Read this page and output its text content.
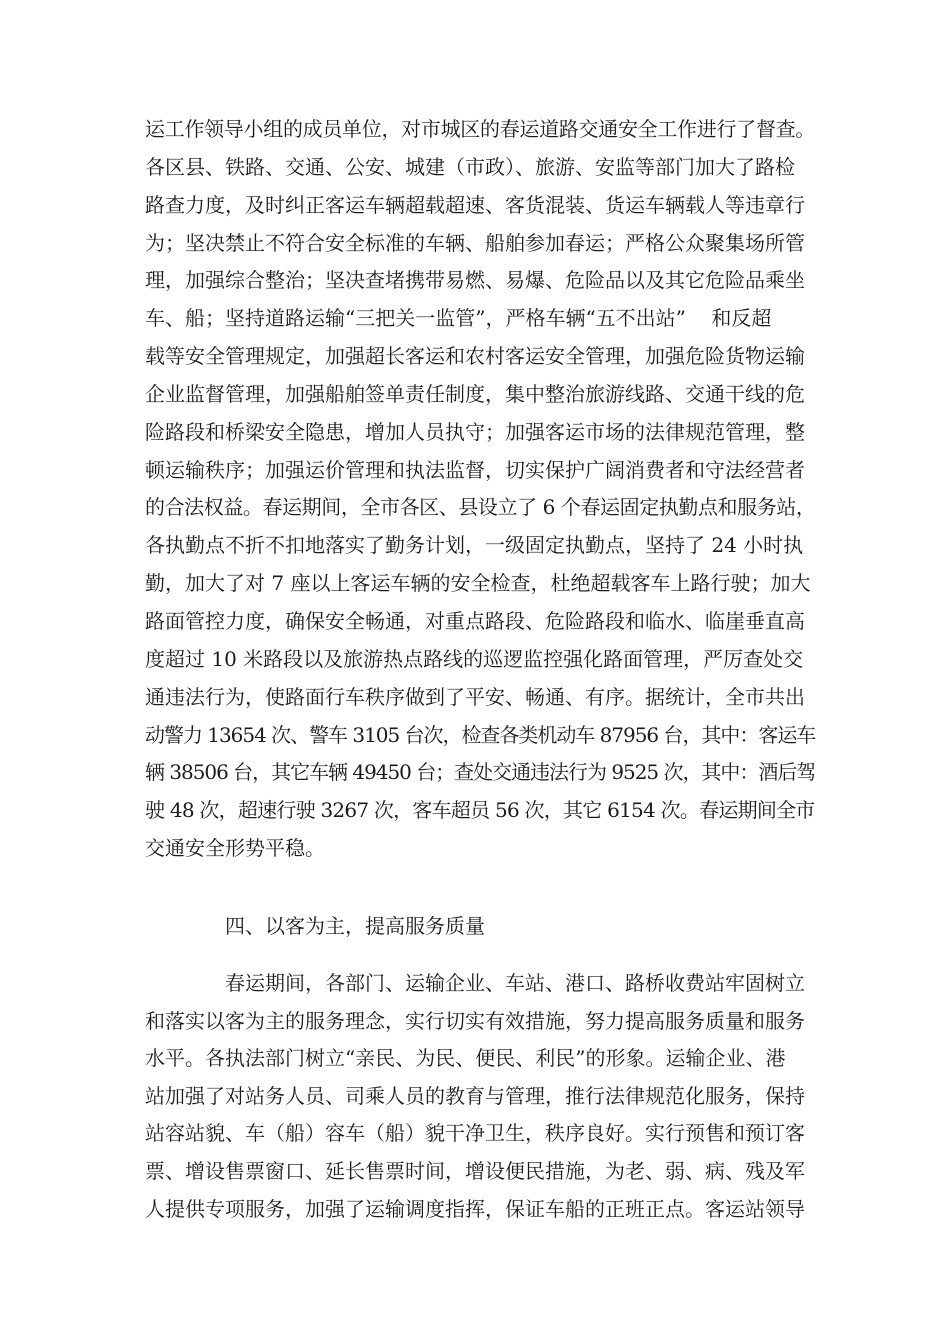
运工作领导小组的成员单位，对市城区的春运道路交通安全工作进行了督查。
各区县、铁路、交通、公安、城建（市政）、旅游、安监等部门加大了路检
路查力度，及时纠正客运车辆超载超速、客货混装、货运车辆载人等违章行
为；坚决禁止不符合安全标准的车辆、船舶参加春运；严格公众聚集场所管
理，加强综合整治；坚决查堵携带易燃、易爆、危险品以及其它危险品乘坐
车、船；坚持道路运输“三把关一监管”，严格车辆“五不出站”    和反超
载等安全管理规定，加强超长客运和农村客运安全管理，加强危险货物运输
企业监督管理，加强船舶签单责任制度，集中整治旅游线路、交通干线的危
险路段和桥梁安全隐患，增加人员执守；加强客运市场的法律规范管理，整
顿运输秩序；加强运价管理和执法监督，切实保护广阔消费者和守法经营者
的合法权益。春运期间，全市各区、县设立了 6 个春运固定执勤点和服务站，
各执勤点不折不扣地落实了勤务计划，一级固定执勤点，坚持了 24 小时执
勤，加大了对 7 座以上客运车辆的安全检查，杜绝超载客车上路行驶；加大
路面管控力度，确保安全畅通，对重点路段、危险路段和临水、临崖垂直高
度超过 10 米路段以及旅游热点路线的巡逻监控强化路面管理，严厉查处交
通违法行为，使路面行车秩序做到了平安、畅通、有序。据统计，全市共出
动警力 13654 次、警车 3105 台次，检查各类机动车 87956 台，其中：客运车
辆 38506 台，其它车辆 49450 台；查处交通违法行为 9525 次，其中：酒后驾
驶 48 次，超速行驶 3267 次，客车超员 56 次，其它 6154 次。春运期间全市
交通安全形势平稳。
四、以客为主，提高服务质量
春运期间，各部门、运输企业、车站、港口、路桥收费站牢固树立
和落实以客为主的服务理念，实行切实有效措施，努力提高服务质量和服务
水平。各执法部门树立“亲民、为民、便民、利民”的形象。运输企业、港
站加强了对站务人员、司乘人员的教育与管理，推行法律规范化服务，保持
站容站貌、车（船）容车（船）貌干净卫生，秩序良好。实行预售和预订客
票、增设售票窗口、延长售票时间，增设便民措施，为老、弱、病、残及军
人提供专项服务，加强了运输调度指挥，保证车船的正班正点。客运站领导
